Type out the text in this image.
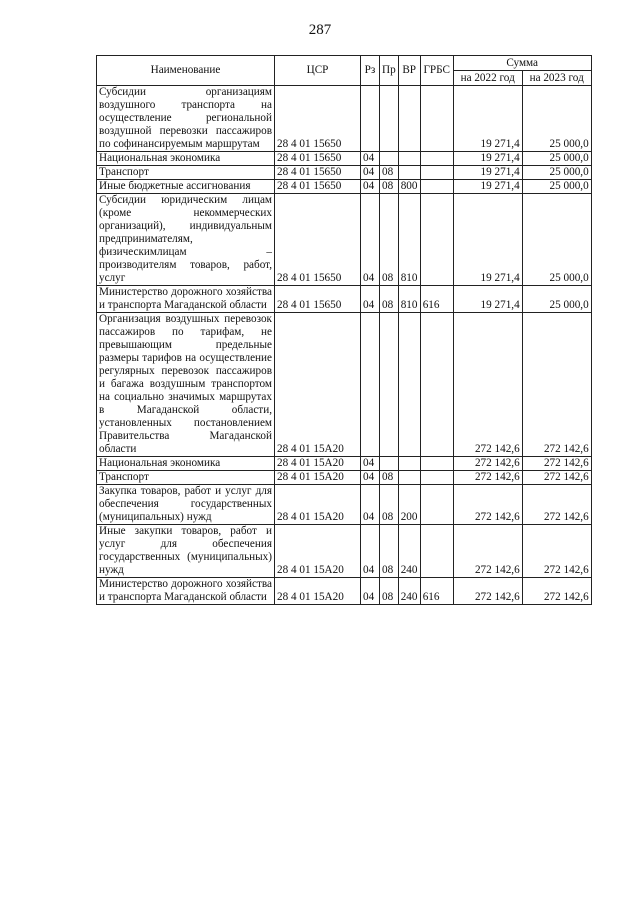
287
Наименование	ЦСР	Рз	Пр	ВР	ГРБС	Сумма	
						на 2022 год	на 2023 год
Субсидии организациям воздушного транспорта на осуществление региональной воздушной перевозки пассажиров по софинансируемым маршрутам	28 4 01 15650					19 271,4	25 000,0
Национальная экономика	28 4 01 15650	04				19 271,4	25 000,0
Транспорт	28 4 01 15650	04	08			19 271,4	25 000,0
Иные бюджетные ассигнования	28 4 01 15650	04	08	800		19 271,4	25 000,0
Субсидии юридическим лицам (кроме некоммерческих организаций), индивидуальным предпринимателям, физическимлицам – производителям товаров, работ, услуг	28 4 01 15650	04	08	810		19 271,4	25 000,0
Министерство дорожного хозяйства и транспорта Магаданской области	28 4 01 15650	04	08	810	616	19 271,4	25 000,0
Организация воздушных перевозок пассажиров по тарифам, не превышающим предельные размеры тарифов на осуществление регулярных перевозок пассажиров и багажа воздушным транспортом на социально значимых маршрутах в Магаданской области, установленных постановлением Правительства Магаданской области	28 4 01 15А20					272 142,6	272 142,6
Национальная экономика	28 4 01 15А20	04				272 142,6	272 142,6
Транспорт	28 4 01 15А20	04	08			272 142,6	272 142,6
Закупка товаров, работ и услуг для обеспечения государственных (муниципальных) нужд	28 4 01 15А20	04	08	200		272 142,6	272 142,6
Иные закупки товаров, работ и услуг для обеспечения государственных (муниципальных) нужд	28 4 01 15А20	04	08	240		272 142,6	272 142,6
Министерство дорожного хозяйства и транспорта Магаданской области	28 4 01 15А20	04	08	240	616	272 142,6	272 142,6
